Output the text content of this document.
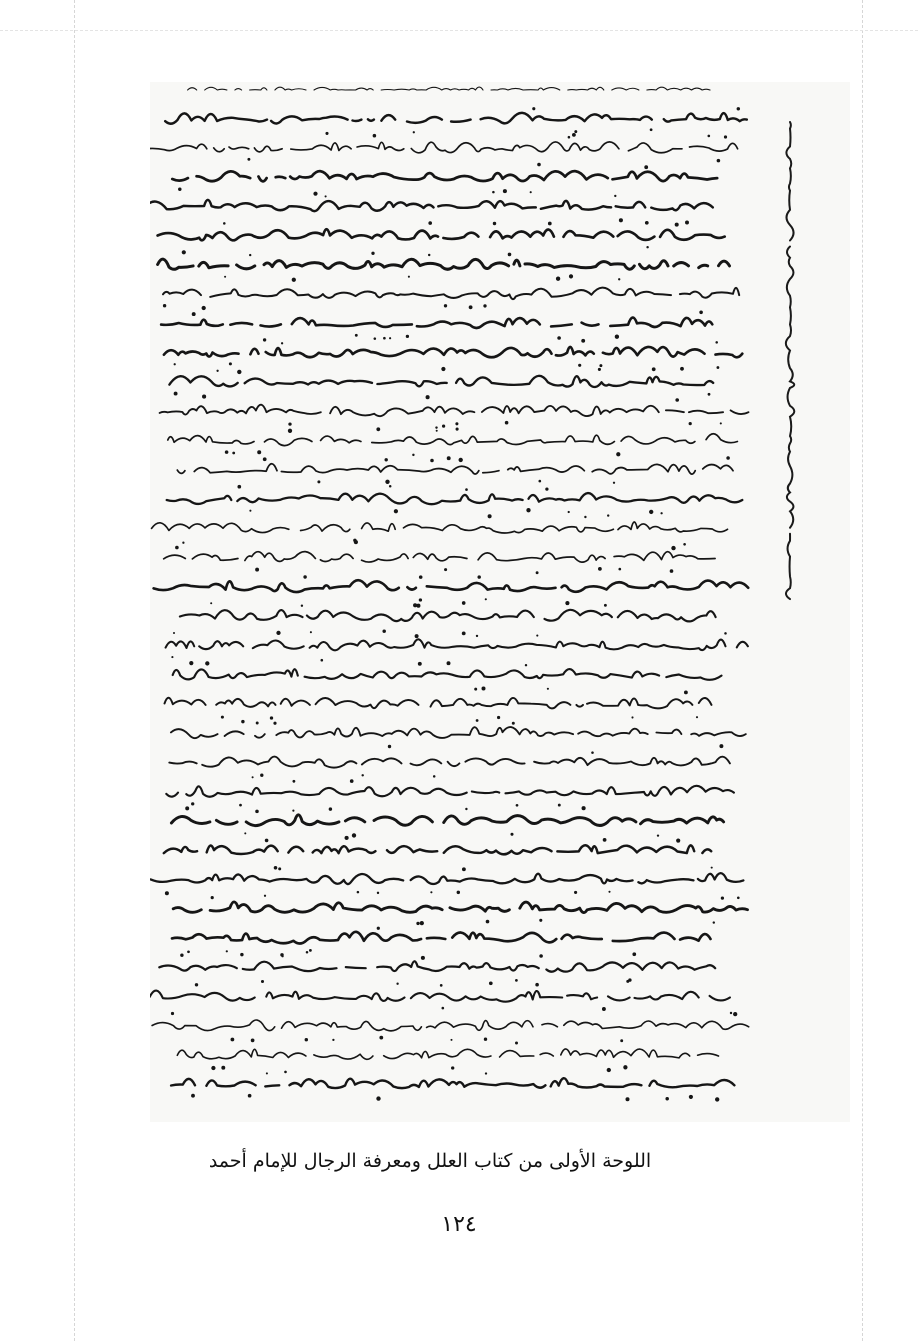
اللوحة الأولى من كتاب العلل ومعرفة الرجال للإمام أحمد
١٢٤
